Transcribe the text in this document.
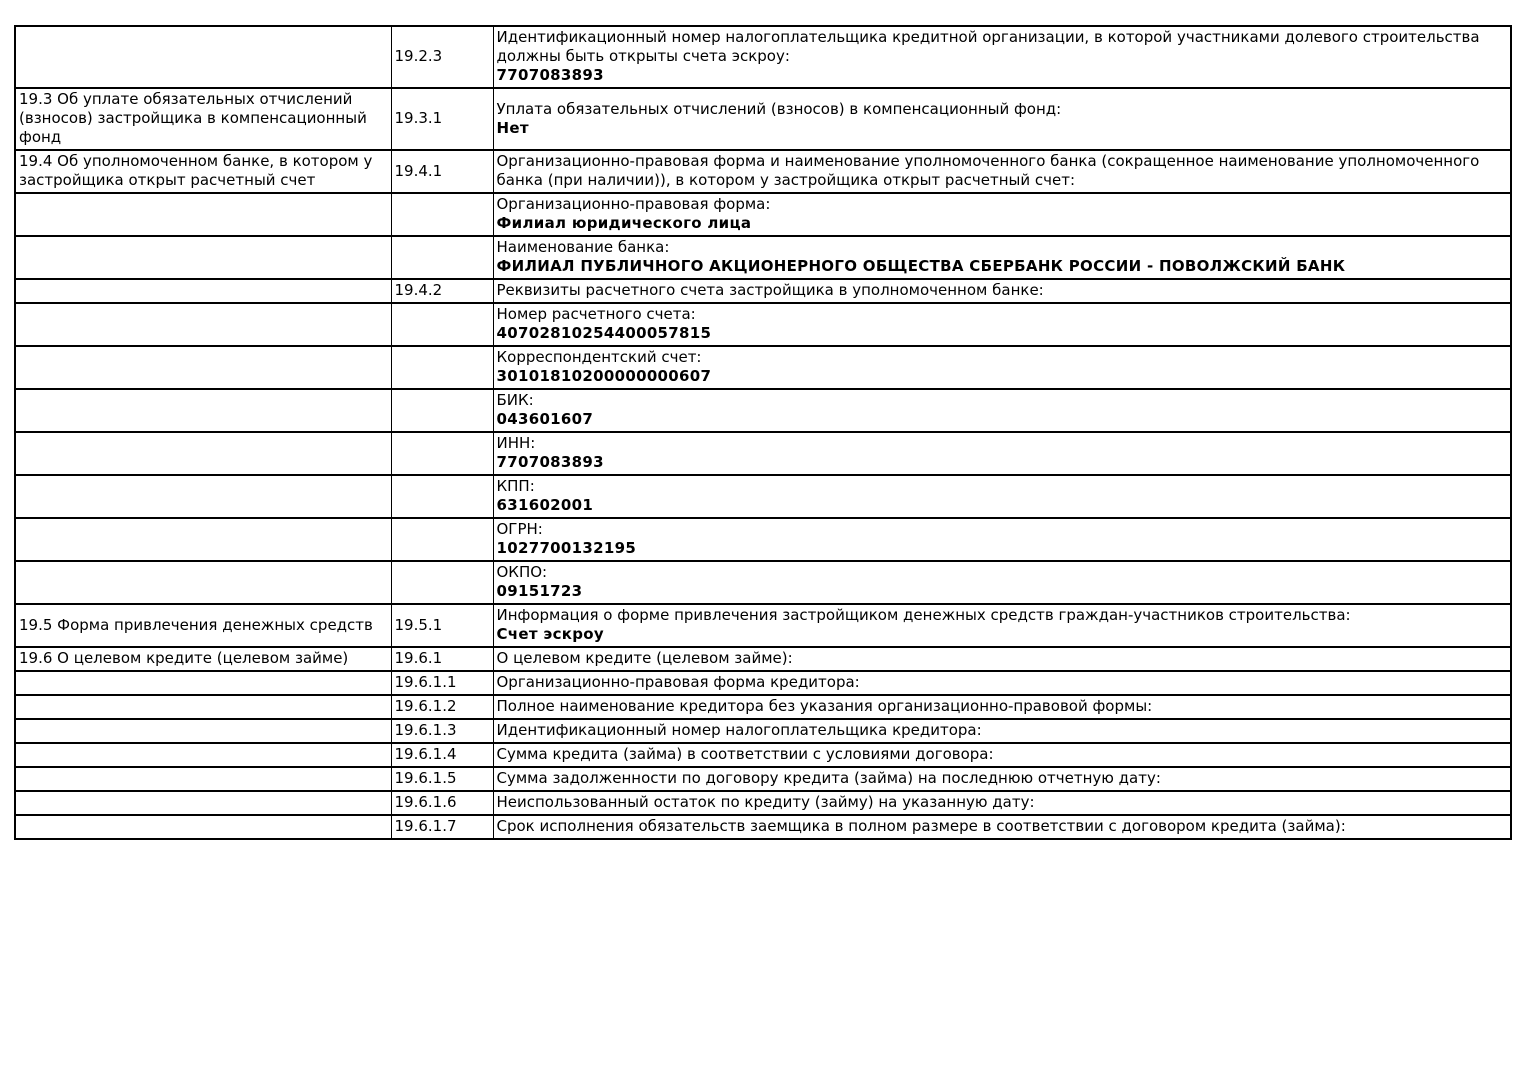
	19.2.3	Идентификационный номер налогоплательщика кредитной организации, в которой участниками долевого строительства должны быть открыты счета эскроу:
7707083893

19.3 Об уплате обязательных отчислений (взносов) застройщика в компенсационный фонд	19.3.1	Уплата обязательных отчислений (взносов) в компенсационный фонд:
Нет

19.4 Об уполномоченном банке, в котором у застройщика открыт расчетный счет	19.4.1	Организационно-правовая форма и наименование уполномоченного банка (сокращенное наименование уполномоченного банка (при наличии)), в котором у застройщика открыт расчетный счет:

		Организационно-правовая форма:
Филиал юридического лица

		Наименование банка:
ФИЛИАЛ ПУБЛИЧНОГО АКЦИОНЕРНОГО ОБЩЕСТВА СБЕРБАНК РОССИИ - ПОВОЛЖСКИЙ БАНК

	19.4.2	Реквизиты расчетного счета застройщика в уполномоченном банке:

		Номер расчетного счета:
40702810254400057815

		Корреспондентский счет:
30101810200000000607

		БИК:
043601607

		ИНН:
7707083893

		КПП:
631602001

		ОГРН:
1027700132195

		ОКПО:
09151723

19.5 Форма привлечения денежных средств	19.5.1	Информация о форме привлечения застройщиком денежных средств граждан-участников строительства:
Счет эскроу

19.6 О целевом кредите (целевом займе)	19.6.1	О целевом кредите (целевом займе):

	19.6.1.1	Организационно-правовая форма кредитора:

	19.6.1.2	Полное наименование кредитора без указания организационно-правовой формы:

	19.6.1.3	Идентификационный номер налогоплательщика кредитора:

	19.6.1.4	Сумма кредита (займа) в соответствии с условиями договора:

	19.6.1.5	Сумма задолженности по договору кредита (займа) на последнюю отчетную дату:

	19.6.1.6	Неиспользованный остаток по кредиту (займу) на указанную дату:

	19.6.1.7	Срок исполнения обязательств заемщика в полном размере в соответствии с договором кредита (займа):
